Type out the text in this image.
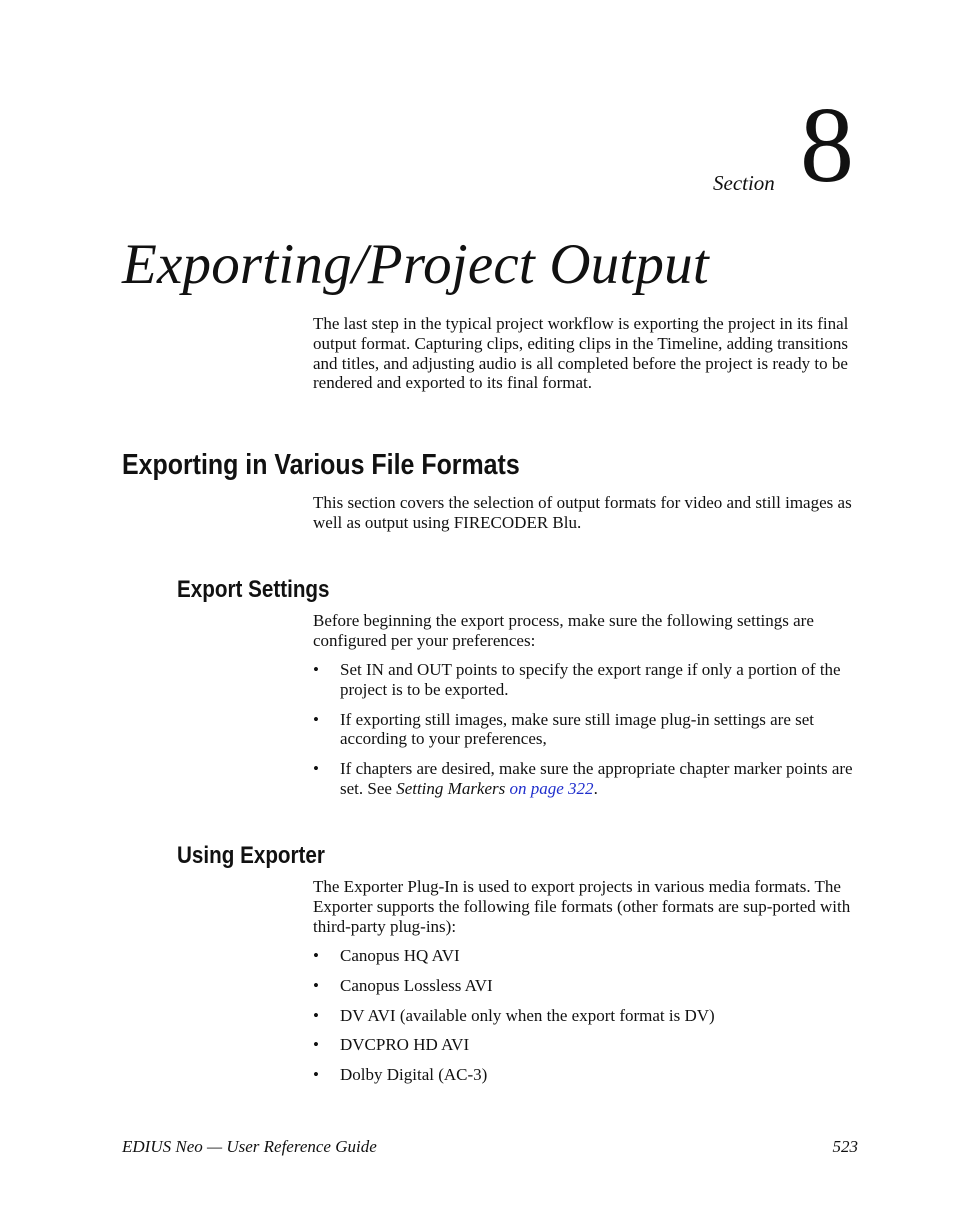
Section 8
Exporting/Project Output

The last step in the typical project workflow is exporting the project in its final output format. Capturing clips, editing clips in the Timeline, adding transitions and titles, and adjusting audio is all completed before the project is ready to be rendered and exported to its final format.

Exporting in Various File Formats

This section covers the selection of output formats for video and still images as well as output using FIRECODER Blu.

Export Settings

Before beginning the export process, make sure the following settings are configured per your preferences:

• Set IN and OUT points to specify the export range if only a portion of the project is to be exported.
• If exporting still images, make sure still image plug-in settings are set according to your preferences,
• If chapters are desired, make sure the appropriate chapter marker points are set. See Setting Markers on page 322.
Using Exporter

The Exporter Plug-In is used to export projects in various media formats. The Exporter supports the following file formats (other formats are sup-ported with third-party plug-ins):

• Canopus HQ AVI
• Canopus Lossless AVI
• DV AVI (available only when the export format is DV)
• DVCPRO HD AVI
• Dolby Digital (AC-3)
EDIUS Neo — User Reference Guide	523
